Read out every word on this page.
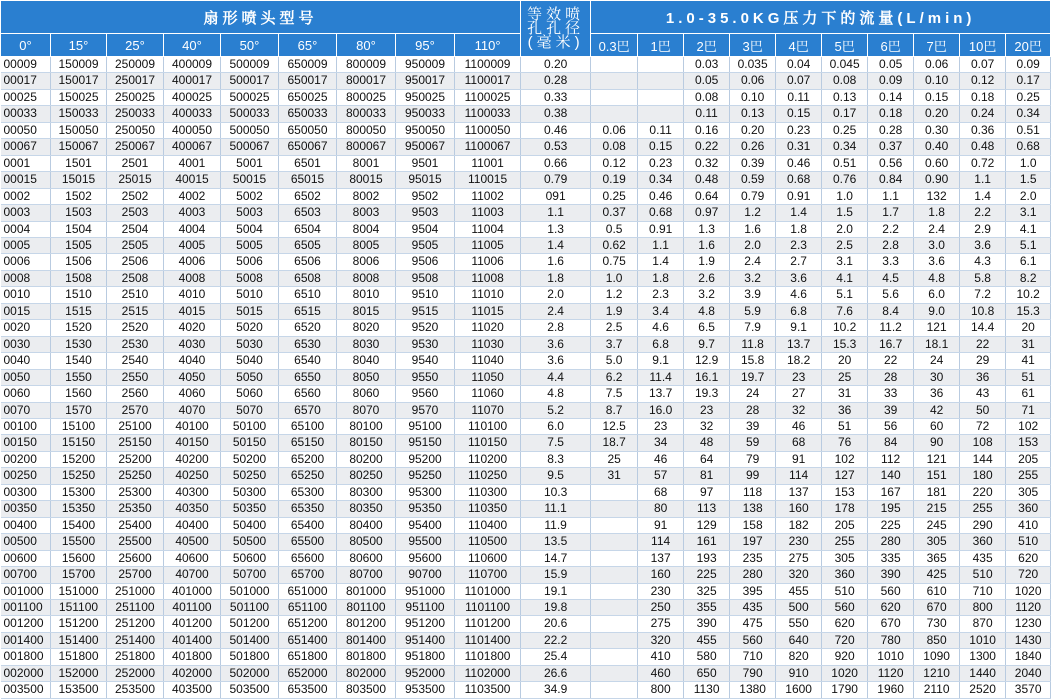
扇形喷头型号									等效喷孔孔径(毫米)	1.0-35.0KG压力下的流量(L/min)									
0°	15°	25°	40°	50°	65°	80°	95°	110°		0.3巴	1巴	2巴	3巴	4巴	5巴	6巴	7巴	10巴	20巴
00009	150009	250009	400009	500009	650009	800009	950009	1100009	0.20			0.03	0.035	0.04	0.045	0.05	0.06	0.07	0.09
00017	150017	250017	400017	500017	650017	800017	950017	1100017	0.28			0.05	0.06	0.07	0.08	0.09	0.10	0.12	0.17
00025	150025	250025	400025	500025	650025	800025	950025	1100025	0.33			0.08	0.10	0.11	0.13	0.14	0.15	0.18	0.25
00033	150033	250033	400033	500033	650033	800033	950033	1100033	0.38			0.11	0.13	0.15	0.17	0.18	0.20	0.24	0.34
00050	150050	250050	400050	500050	650050	800050	950050	1100050	0.46	0.06	0.11	0.16	0.20	0.23	0.25	0.28	0.30	0.36	0.51
00067	150067	250067	400067	500067	650067	800067	950067	1100067	0.53	0.08	0.15	0.22	0.26	0.31	0.34	0.37	0.40	0.48	0.68
0001	1501	2501	4001	5001	6501	8001	9501	11001	0.66	0.12	0.23	0.32	0.39	0.46	0.51	0.56	0.60	0.72	1.0
00015	15015	25015	40015	50015	65015	80015	95015	110015	0.79	0.19	0.34	0.48	0.59	0.68	0.76	0.84	0.90	1.1	1.5
0002	1502	2502	4002	5002	6502	8002	9502	11002	091	0.25	0.46	0.64	0.79	0.91	1.0	1.1	132	1.4	2.0
0003	1503	2503	4003	5003	6503	8003	9503	11003	1.1	0.37	0.68	0.97	1.2	1.4	1.5	1.7	1.8	2.2	3.1
0004	1504	2504	4004	5004	6504	8004	9504	11004	1.3	0.5	0.91	1.3	1.6	1.8	2.0	2.2	2.4	2.9	4.1
0005	1505	2505	4005	5005	6505	8005	9505	11005	1.4	0.62	1.1	1.6	2.0	2.3	2.5	2.8	3.0	3.6	5.1
0006	1506	2506	4006	5006	6506	8006	9506	11006	1.6	0.75	1.4	1.9	2.4	2.7	3.1	3.3	3.6	4.3	6.1
0008	1508	2508	4008	5008	6508	8008	9508	11008	1.8	1.0	1.8	2.6	3.2	3.6	4.1	4.5	4.8	5.8	8.2
0010	1510	2510	4010	5010	6510	8010	9510	11010	2.0	1.2	2.3	3.2	3.9	4.6	5.1	5.6	6.0	7.2	10.2
0015	1515	2515	4015	5015	6515	8015	9515	11015	2.4	1.9	3.4	4.8	5.9	6.8	7.6	8.4	9.0	10.8	15.3
0020	1520	2520	4020	5020	6520	8020	9520	11020	2.8	2.5	4.6	6.5	7.9	9.1	10.2	11.2	121	14.4	20
0030	1530	2530	4030	5030	6530	8030	9530	11030	3.6	3.7	6.8	9.7	11.8	13.7	15.3	16.7	18.1	22	31
0040	1540	2540	4040	5040	6540	8040	9540	11040	3.6	5.0	9.1	12.9	15.8	18.2	20	22	24	29	41
0050	1550	2550	4050	5050	6550	8050	9550	11050	4.4	6.2	11.4	16.1	19.7	23	25	28	30	36	51
0060	1560	2560	4060	5060	6560	8060	9560	11060	4.8	7.5	13.7	19.3	24	27	31	33	36	43	61
0070	1570	2570	4070	5070	6570	8070	9570	11070	5.2	8.7	16.0	23	28	32	36	39	42	50	71
00100	15100	25100	40100	50100	65100	80100	95100	110100	6.0	12.5	23	32	39	46	51	56	60	72	102
00150	15150	25150	40150	50150	65150	80150	95150	110150	7.5	18.7	34	48	59	68	76	84	90	108	153
00200	15200	25200	40200	50200	65200	80200	95200	110200	8.3	25	46	64	79	91	102	112	121	144	205
00250	15250	25250	40250	50250	65250	80250	95250	110250	9.5	31	57	81	99	114	127	140	151	180	255
00300	15300	25300	40300	50300	65300	80300	95300	110300	10.3		68	97	118	137	153	167	181	220	305
00350	15350	25350	40350	50350	65350	80350	95350	110350	11.1		80	113	138	160	178	195	215	255	360
00400	15400	25400	40400	50400	65400	80400	95400	110400	11.9		91	129	158	182	205	225	245	290	410
00500	15500	25500	40500	50500	65500	80500	95500	110500	13.5		114	161	197	230	255	280	305	360	510
00600	15600	25600	40600	50600	65600	80600	95600	110600	14.7		137	193	235	275	305	335	365	435	620
00700	15700	25700	40700	50700	65700	80700	90700	110700	15.9		160	225	280	320	360	390	425	510	720
001000	151000	251000	401000	501000	651000	801000	951000	1101000	19.1		230	325	395	455	510	560	610	710	1020
001100	151100	251100	401100	501100	651100	801100	951100	1101100	19.8		250	355	435	500	560	620	670	800	1120
001200	151200	251200	401200	501200	651200	801200	951200	1101200	20.6		275	390	475	550	620	670	730	870	1230
001400	151400	251400	401400	501400	651400	801400	951400	1101400	22.2		320	455	560	640	720	780	850	1010	1430
001800	151800	251800	401800	501800	651800	801800	951800	1101800	25.4		410	580	710	820	920	1010	1090	1300	1840
002000	152000	252000	402000	502000	652000	802000	952000	1102000	26.6		460	650	790	910	1020	1120	1210	1440	2040
003500	153500	253500	403500	503500	653500	803500	953500	1103500	34.9		800	1130	1380	1600	1790	1960	2110	2520	3570
